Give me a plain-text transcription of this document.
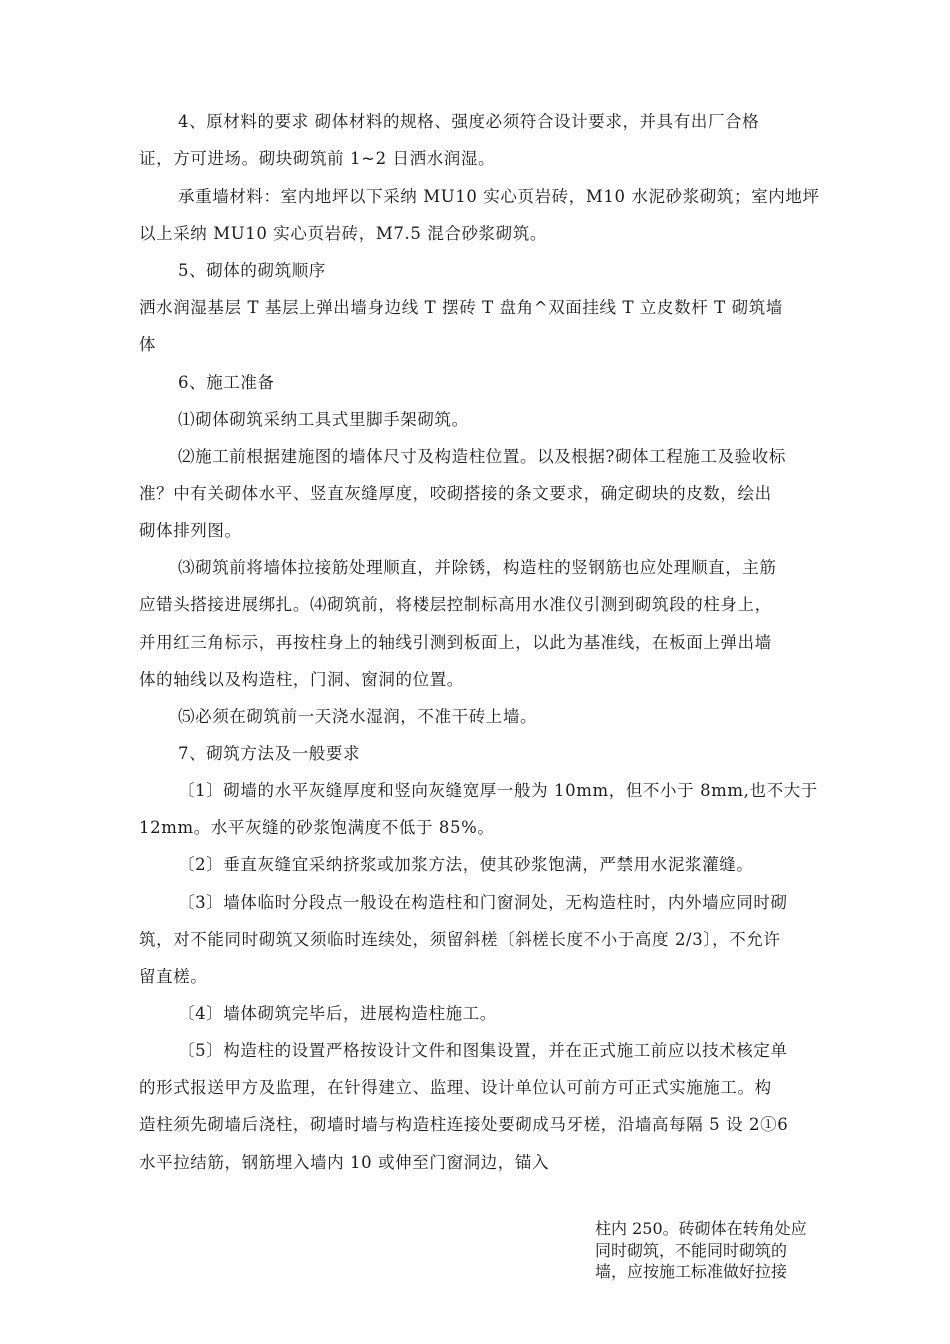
4、原材料的要求 砌体材料的规格、强度必须符合设计要求，并具有出厂合格
证，方可进场。砌块砌筑前 1~2 日洒水润湿。
承重墙材料：室内地坪以下采纳 MU10 实心页岩砖，M10 水泥砂浆砌筑；室内地坪
以上采纳 MU10 实心页岩砖，M7.5 混合砂浆砌筑。
5、砌体的砌筑顺序
洒水润湿基层 T 基层上弹出墙身边线 T 摆砖 T 盘角^双面挂线 T 立皮数杆 T 砌筑墙
体
6、施工准备
⑴砌体砌筑采纳工具式里脚手架砌筑。
⑵施工前根据建施图的墙体尺寸及构造柱位置。以及根据?砌体工程施工及验收标
准？中有关砌体水平、竖直灰缝厚度，咬砌搭接的条文要求，确定砌块的皮数，绘出
砌体排列图。
⑶砌筑前将墙体拉接筋处理顺直，并除锈，构造柱的竖钢筋也应处理顺直，主筋
应错头搭接进展绑扎。⑷砌筑前，将楼层控制标高用水准仪引测到砌筑段的柱身上，
并用红三角标示，再按柱身上的轴线引测到板面上，以此为基准线，在板面上弹出墙
体的轴线以及构造柱，门洞、窗洞的位置。
⑸必须在砌筑前一天浇水湿润，不准干砖上墙。
7、砌筑方法及一般要求
〔1〕砌墙的水平灰缝厚度和竖向灰缝宽厚一般为 10mm，但不小于 8mm,也不大于
12mm。水平灰缝的砂浆饱满度不低于 85%。
〔2〕垂直灰缝宜采纳挤浆或加浆方法，使其砂浆饱满，严禁用水泥浆灌缝。
〔3〕墙体临时分段点一般设在构造柱和门窗洞处，无构造柱时，内外墙应同时砌
筑，对不能同时砌筑又须临时连续处，须留斜槎〔斜槎长度不小于高度 2/3〕，不允许
留直槎。
〔4〕墙体砌筑完毕后，进展构造柱施工。
〔5〕构造柱的设置严格按设计文件和图集设置，并在正式施工前应以技术核定单
的形式报送甲方及监理，在针得建立、监理、设计单位认可前方可正式实施施工。构
造柱须先砌墙后浇柱，砌墙时墙与构造柱连接处要砌成马牙槎，沿墙高每隔 5 设 2①6
水平拉结筋，钢筋埋入墙内 10 或伸至门窗洞边，锚入
柱内 250。砖砌体在转角处应
同时砌筑，不能同时砌筑的
墙，应按施工标准做好拉接
